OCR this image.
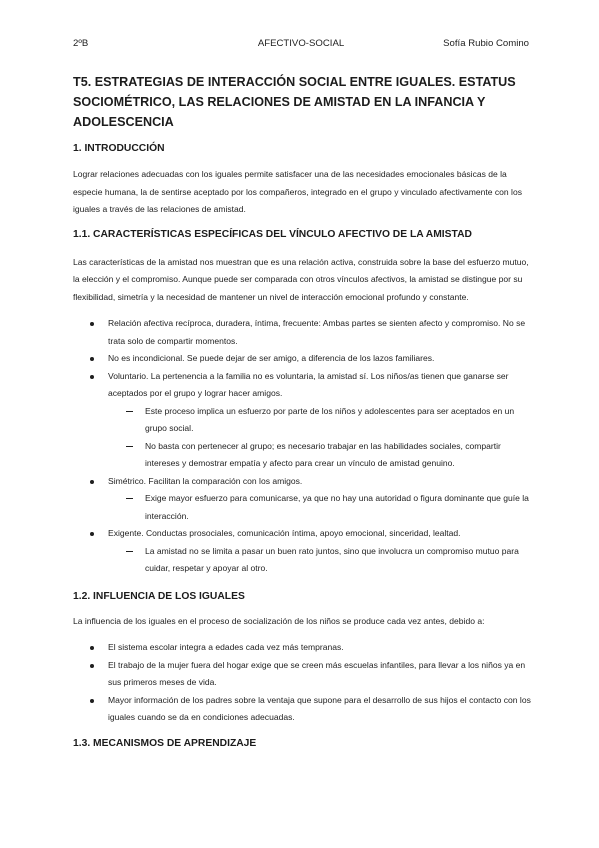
2ºB	AFECTIVO-SOCIAL	Sofía Rubio Comino
T5. ESTRATEGIAS DE INTERACCIÓN SOCIAL ENTRE IGUALES. ESTATUS SOCIOMÉTRICO, LAS RELACIONES DE AMISTAD EN LA INFANCIA Y ADOLESCENCIA
1. INTRODUCCIÓN

Lograr relaciones adecuadas con los iguales permite satisfacer una de las necesidades emocionales básicas de la especie humana, la de sentirse aceptado por los compañeros, integrado en el grupo y vinculado afectivamente con los iguales a través de las relaciones de amistad.

1.1. CARACTERÍSTICAS ESPECÍFICAS DEL VÍNCULO AFECTIVO DE LA AMISTAD

Las características de la amistad nos muestran que es una relación activa, construida sobre la base del esfuerzo mutuo, la elección y el compromiso. Aunque puede ser comparada con otros vínculos afectivos, la amistad se distingue por su flexibilidad, simetría y la necesidad de mantener un nivel de interacción emocional profundo y constante.

Relación afectiva recíproca, duradera, íntima, frecuente: Ambas partes se sienten afecto y compromiso. No se trata solo de compartir momentos.
No es incondicional. Se puede dejar de ser amigo, a diferencia de los lazos familiares.
Voluntario. La pertenencia a la familia no es voluntaria, la amistad sí. Los niños/as tienen que ganarse ser aceptados por el grupo y lograr hacer amigos.
Este proceso implica un esfuerzo por parte de los niños y adolescentes para ser aceptados en un grupo social.
No basta con pertenecer al grupo; es necesario trabajar en las habilidades sociales, compartir intereses y demostrar empatía y afecto para crear un vínculo de amistad genuino.
Simétrico. Facilitan la comparación con los amigos.
Exige mayor esfuerzo para comunicarse, ya que no hay una autoridad o figura dominante que guíe la interacción.
Exigente. Conductas prosociales, comunicación íntima, apoyo emocional, sinceridad, lealtad.
La amistad no se limita a pasar un buen rato juntos, sino que involucra un compromiso mutuo para cuidar, respetar y apoyar al otro.
1.2. INFLUENCIA DE LOS IGUALES

La influencia de los iguales en el proceso de socialización de los niños se produce cada vez antes, debido a:

El sistema escolar integra a edades cada vez más tempranas.
El trabajo de la mujer fuera del hogar exige que se creen más escuelas infantiles, para llevar a los niños ya en sus primeros meses de vida.
Mayor información de los padres sobre la ventaja que supone para el desarrollo de sus hijos el contacto con los iguales cuando se da en condiciones adecuadas.
1.3. MECANISMOS DE APRENDIZAJE
